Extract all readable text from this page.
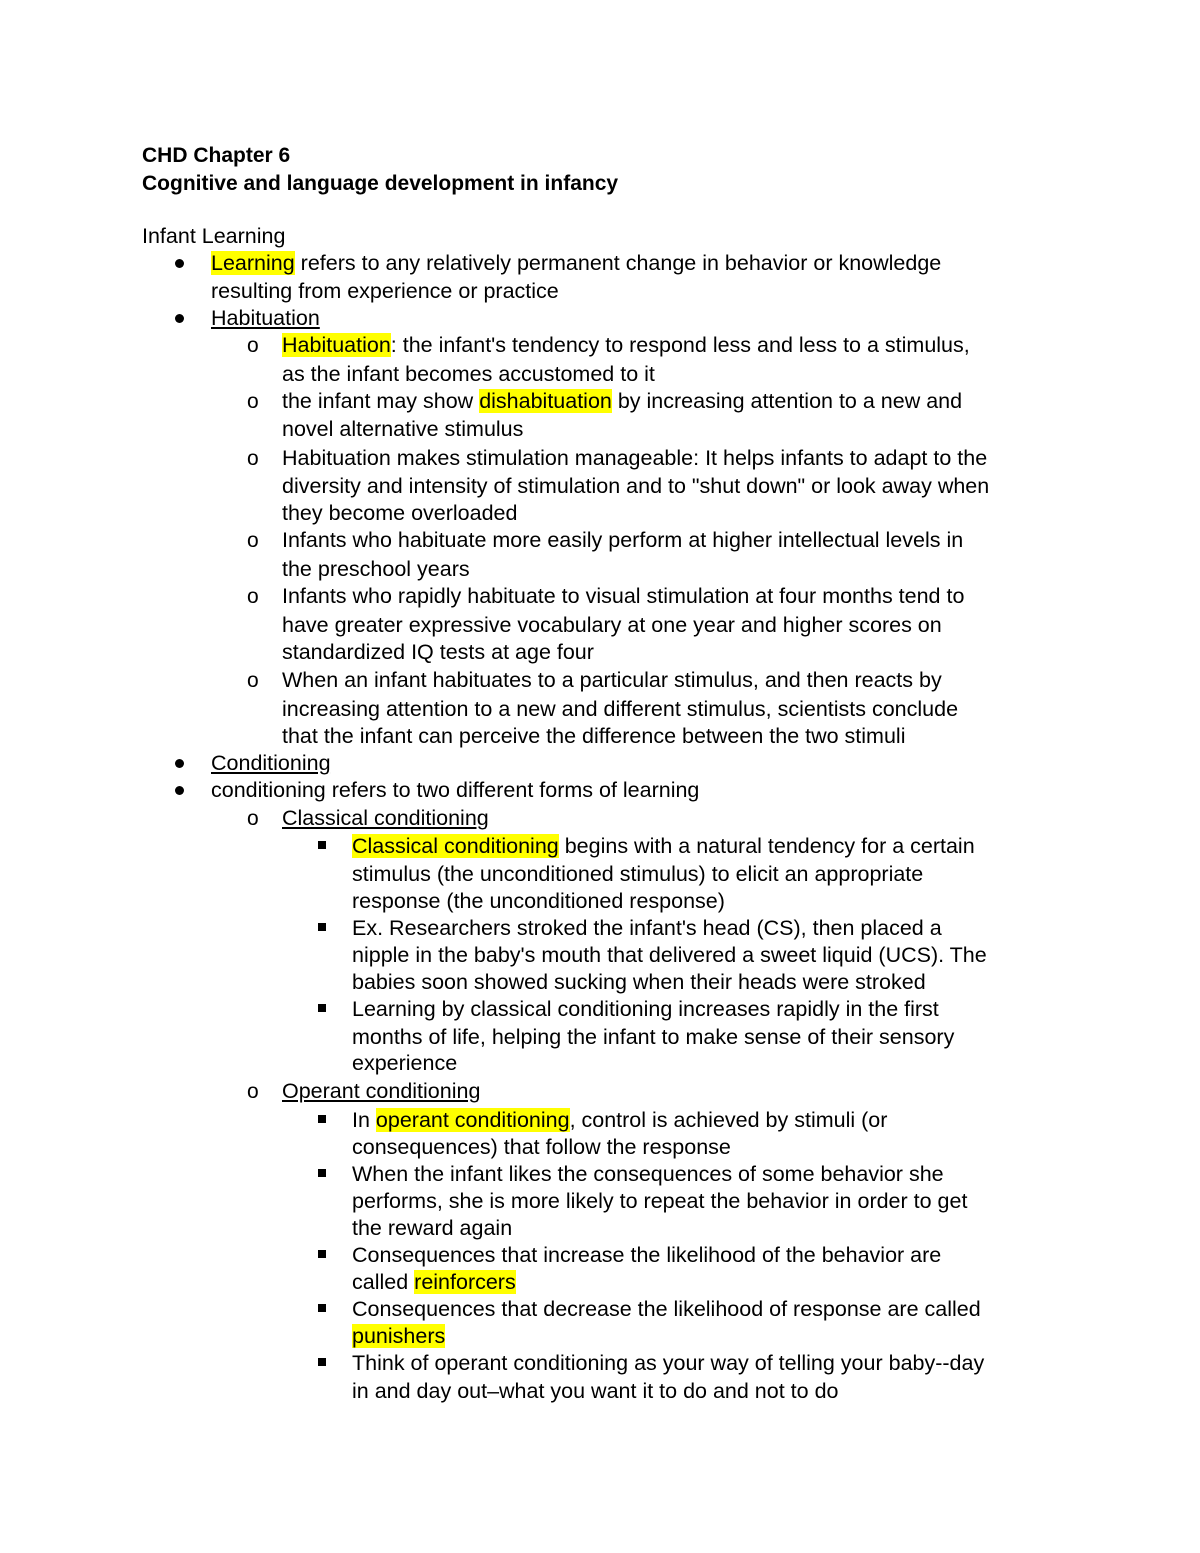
CHD Chapter 6
Cognitive and language development in infancy
Infant Learning
Learning refers to any relatively permanent change in behavior or knowledge
resulting from experience or practice
Habituation
o Habituation: the infant's tendency to respond less and less to a stimulus,
as the infant becomes accustomed to it
o the infant may show dishabituation by increasing attention to a new and
novel alternative stimulus
o Habituation makes stimulation manageable: It helps infants to adapt to the
diversity and intensity of stimulation and to "shut down" or look away when
they become overloaded
o Infants who habituate more easily perform at higher intellectual levels in
the preschool years
o Infants who rapidly habituate to visual stimulation at four months tend to
have greater expressive vocabulary at one year and higher scores on
standardized IQ tests at age four
o When an infant habituates to a particular stimulus, and then reacts by
increasing attention to a new and different stimulus, scientists conclude
that the infant can perceive the difference between the two stimuli
Conditioning
conditioning refers to two different forms of learning
o Classical conditioning
Classical conditioning begins with a natural tendency for a certain
stimulus (the unconditioned stimulus) to elicit an appropriate
response (the unconditioned response)
Ex. Researchers stroked the infant's head (CS), then placed a
nipple in the baby's mouth that delivered a sweet liquid (UCS). The
babies soon showed sucking when their heads were stroked
Learning by classical conditioning increases rapidly in the first
months of life, helping the infant to make sense of their sensory
experience
o Operant conditioning
In operant conditioning, control is achieved by stimuli (or
consequences) that follow the response
When the infant likes the consequences of some behavior she
performs, she is more likely to repeat the behavior in order to get
the reward again
Consequences that increase the likelihood of the behavior are
called reinforcers
Consequences that decrease the likelihood of response are called
punishers
Think of operant conditioning as your way of telling your baby--day
in and day out–what you want it to do and not to do
